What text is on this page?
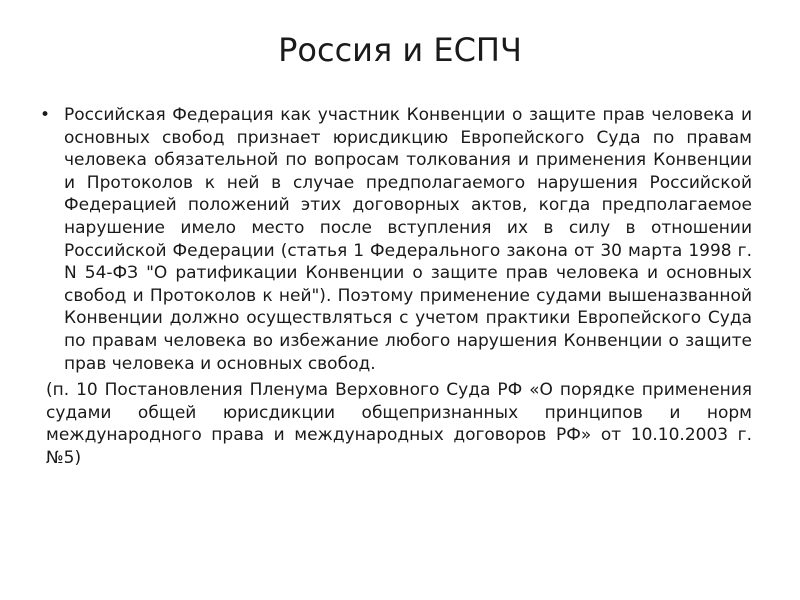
Россия и ЕСПЧ

• Российская Федерация как участник Конвенции о защите прав человека и основных свобод признает юрисдикцию Европейского Суда по правам человека обязательной по вопросам толкования и применения Конвенции и Протоколов к ней в случае предполагаемого нарушения Российской Федерацией положений этих договорных актов, когда предполагаемое нарушение имело место после вступления их в силу в отношении Российской Федерации (статья 1 Федерального закона от 30 марта 1998 г. N 54-ФЗ "О ратификации Конвенции о защите прав человека и основных свобод и Протоколов к ней"). Поэтому применение судами вышеназванной Конвенции должно осуществляться с учетом практики Европейского Суда по правам человека во избежание любого нарушения Конвенции о защите прав человека и основных свобод.

(п. 10 Постановления Пленума Верховного Суда РФ «О порядке применения судами общей юрисдикции общепризнанных принципов и норм международного права и международных договоров РФ» от 10.10.2003 г. №5)
